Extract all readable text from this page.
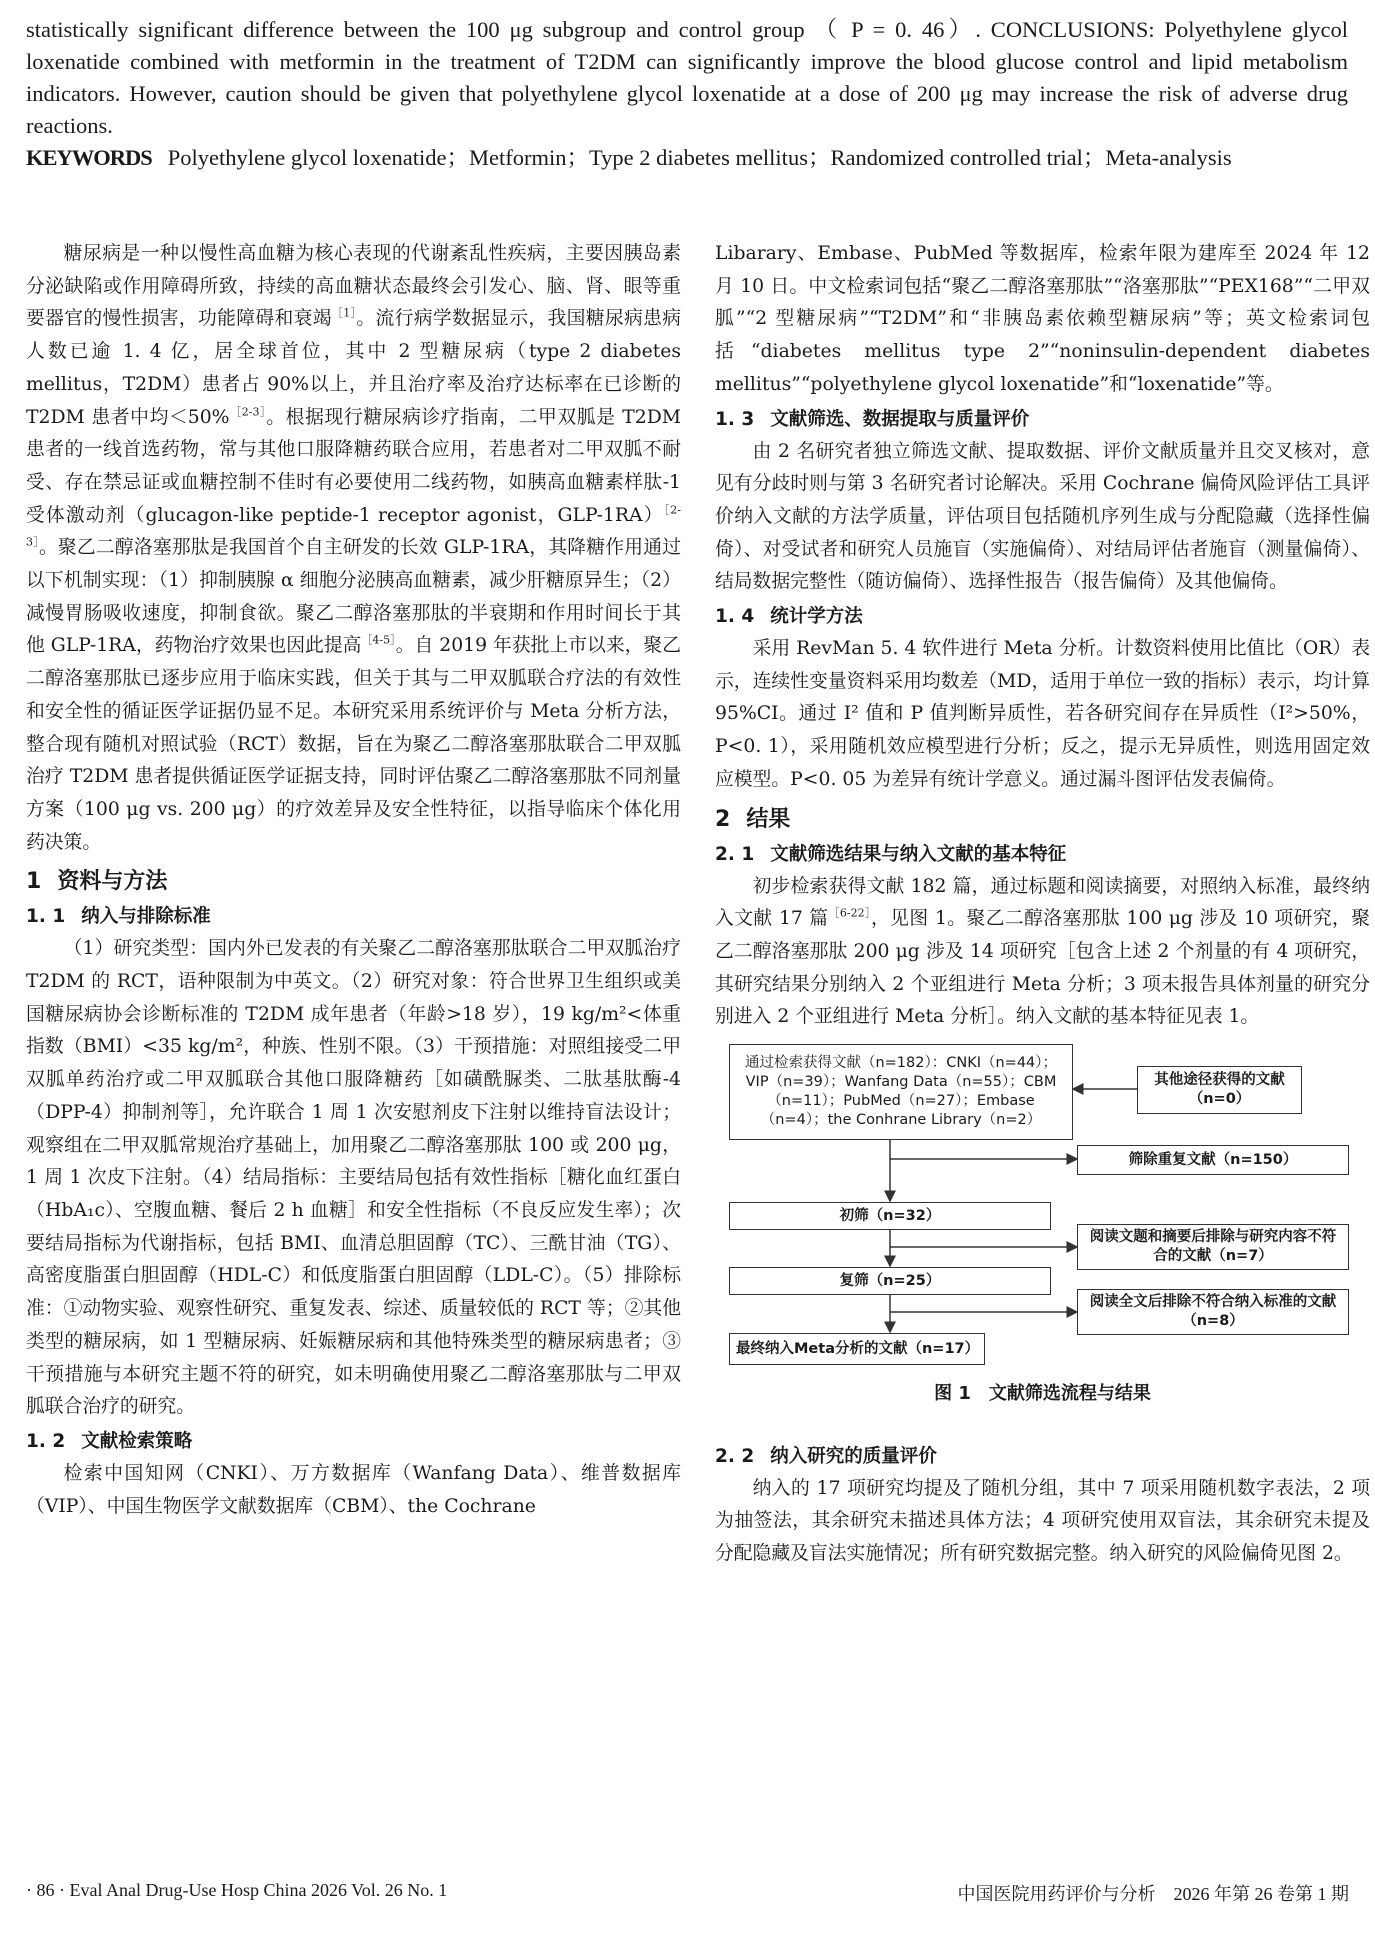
statistically significant difference between the 100 μg subgroup and control group （ P = 0. 46）. CONCLUSIONS: Polyethylene glycol loxenatide combined with metformin in the treatment of T2DM can significantly improve the blood glucose control and lipid metabolism indicators. However, caution should be given that polyethylene glycol loxenatide at a dose of 200 μg may increase the risk of adverse drug reactions.

KEYWORDS Polyethylene glycol loxenatide；Metformin；Type 2 diabetes mellitus；Randomized controlled trial；Meta-analysis

糖尿病是一种以慢性高血糖为核心表现的代谢紊乱性疾病，主要因胰岛素分泌缺陷或作用障碍所致，持续的高血糖状态最终会引发心、脑、肾、眼等重要器官的慢性损害，功能障碍和衰竭$^{[1]}$。流行病学数据显示，我国糖尿病患病人数已逾 1. 4 亿，居全球首位，其中 2 型糖尿病（type 2 diabetes mellitus，T2DM）患者占 90%以上，并且治疗率及治疗达标率在已诊断的 T2DM 患者中均＜50%$^{[2-3]}$。根据现行糖尿病诊疗指南，二甲双胍是 T2DM 患者的一线首选药物，常与其他口服降糖药联合应用，若患者对二甲双胍不耐受、存在禁忌证或血糖控制不佳时有必要使用二线药物，如胰高血糖素样肽-1 受体激动剂（glucagon-like peptide-1 receptor agonist，GLP-1RA）$^{[2-3]}$。聚乙二醇洛塞那肽是我国首个自主研发的长效 GLP-1RA，其降糖作用通过以下机制实现：（1）抑制胰腺 α 细胞分泌胰高血糖素，减少肝糖原异生；（2）减慢胃肠吸收速度，抑制食欲。聚乙二醇洛塞那肽的半衰期和作用时间长于其他 GLP-1RA，药物治疗效果也因此提高$^{[4-5]}$。自 2019 年获批上市以来，聚乙二醇洛塞那肽已逐步应用于临床实践，但关于其与二甲双胍联合疗法的有效性和安全性的循证医学证据仍显不足。本研究采用系统评价与 Meta 分析方法，整合现有随机对照试验（RCT）数据，旨在为聚乙二醇洛塞那肽联合二甲双胍治疗 T2DM 患者提供循证医学证据支持，同时评估聚乙二醇洛塞那肽不同剂量方案（100 μg vs. 200 μg）的疗效差异及安全性特征，以指导临床个体化用药决策。

1 资料与方法
1. 1 纳入与排除标准

（1）研究类型：国内外已发表的有关聚乙二醇洛塞那肽联合二甲双胍治疗 T2DM 的 RCT，语种限制为中英文。（2）研究对象：符合世界卫生组织或美国糖尿病协会诊断标准的 T2DM 成年患者（年龄>18 岁），19 kg/m²<体重指数（BMI）<35 kg/m²，种族、性别不限。（3）干预措施：对照组接受二甲双胍单药治疗或二甲双胍联合其他口服降糖药［如磺酰脲类、二肽基肽酶-4（DPP-4）抑制剂等］，允许联合 1 周 1 次安慰剂皮下注射以维持盲法设计；观察组在二甲双胍常规治疗基础上，加用聚乙二醇洛塞那肽 100 或 200 μg，1 周 1 次皮下注射。（4）结局指标：主要结局包括有效性指标［糖化血红蛋白（HbA₁c）、空腹血糖、餐后 2 h 血糖］和安全性指标（不良反应发生率）；次要结局指标为代谢指标，包括 BMI、血清总胆固醇（TC）、三酰甘油（TG）、高密度脂蛋白胆固醇（HDL-C）和低度脂蛋白胆固醇（LDL-C）。（5）排除标准：①动物实验、观察性研究、重复发表、综述、质量较低的 RCT 等；②其他类型的糖尿病，如 1 型糖尿病、妊娠糖尿病和其他特殊类型的糖尿病患者；③干预措施与本研究主题不符的研究，如未明确使用聚乙二醇洛塞那肽与二甲双胍联合治疗的研究。

1. 2 文献检索策略

检索中国知网（CNKI）、万方数据库（Wanfang Data）、维普数据库（VIP）、中国生物医学文献数据库（CBM）、the Cochrane

Libarary、Embase、PubMed 等数据库，检索年限为建库至 2024 年 12 月 10 日。中文检索词包括“聚乙二醇洛塞那肽”“洛塞那肽”“PEX168”“二甲双胍”“2 型糖尿病”“T2DM”和“非胰岛素依赖型糖尿病”等；英文检索词包括“diabetes mellitus type 2”“noninsulin-dependent diabetes mellitus”“polyethylene glycol loxenatide”和“loxenatide”等。

1. 3 文献筛选、数据提取与质量评价

由 2 名研究者独立筛选文献、提取数据、评价文献质量并且交叉核对，意见有分歧时则与第 3 名研究者讨论解决。采用 Cochrane 偏倚风险评估工具评价纳入文献的方法学质量，评估项目包括随机序列生成与分配隐藏（选择性偏倚）、对受试者和研究人员施盲（实施偏倚）、对结局评估者施盲（测量偏倚）、结局数据完整性（随访偏倚）、选择性报告（报告偏倚）及其他偏倚。

1. 4 统计学方法

采用 RevMan 5. 4 软件进行 Meta 分析。计数资料使用比值比（OR）表示，连续性变量资料采用均数差（MD，适用于单位一致的指标）表示，均计算 95%CI。通过 I² 值和 P 值判断异质性，若各研究间存在异质性（I²>50%，P<0. 1），采用随机效应模型进行分析；反之，提示无异质性，则选用固定效应模型。P<0. 05 为差异有统计学意义。通过漏斗图评估发表偏倚。

2 结果
2. 1 文献筛选结果与纳入文献的基本特征

初步检索获得文献 182 篇，通过标题和阅读摘要，对照纳入标准，最终纳入文献 17 篇$^{[6-22]}$，见图 1。聚乙二醇洛塞那肽 100 μg 涉及 10 项研究，聚乙二醇洛塞那肽 200 μg 涉及 14 项研究［包含上述 2 个剂量的有 4 项研究，其研究结果分别纳入 2 个亚组进行 Meta 分析；3 项未报告具体剂量的研究分别进入 2 个亚组进行 Meta 分析］。纳入文献的基本特征见表 1。

通过检索获得文献（n=182）：CNKI（n=44）；VIP（n=39）；Wanfang Data（n=55）；CBM（n=11）；PubMed（n=27）；Embase（n=4）；the Conhrane Library（n=2）
其他途径获得的文献（n=0）
筛除重复文献（n=150）
初筛（n=32）
阅读文题和摘要后排除与研究内容不符合的文献（n=7）
复筛（n=25）
阅读全文后排除不符合纳入标准的文献（n=8）
最终纳入Meta分析的文献（n=17）
图 1　文献筛选流程与结果
2. 2 纳入研究的质量评价

纳入的 17 项研究均提及了随机分组，其中 7 项采用随机数字表法，2 项为抽签法，其余研究未描述具体方法；4 项研究使用双盲法，其余研究未提及分配隐藏及盲法实施情况；所有研究数据完整。纳入研究的风险偏倚见图 2。

· 86 · Eval Anal Drug-Use Hosp China 2026 Vol. 26 No. 1	中国医院用药评价与分析　2026 年第 26 卷第 1 期
